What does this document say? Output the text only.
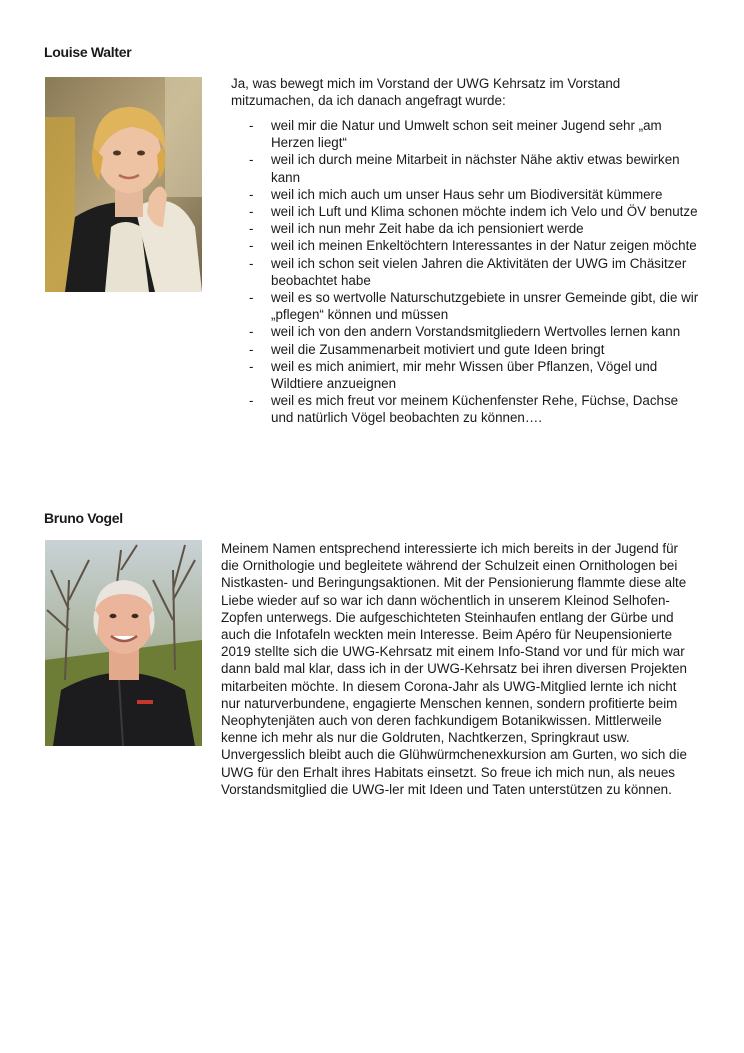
Louise Walter

Ja, was bewegt mich im Vorstand der UWG Kehrsatz im Vorstand mitzumachen, da ich danach angefragt wurde:

- weil mir die Natur und Umwelt schon seit meiner Jugend sehr „am Herzen liegt“
- weil ich durch meine Mitarbeit in nächster Nähe aktiv etwas bewirken kann
- weil ich mich auch um unser Haus sehr um Biodiversität kümmere
- weil ich Luft und Klima schonen möchte indem ich Velo und ÖV benutze
- weil ich nun mehr Zeit habe da ich pensioniert werde
- weil ich meinen Enkeltöchtern Interessantes in der Natur zeigen möchte
- weil ich schon seit vielen Jahren die Aktivitäten der UWG im Chäsitzer beobachtet habe
- weil es so wertvolle Naturschutzgebiete in unsrer Gemeinde gibt, die wir „pflegen“ können und müssen
- weil ich von den andern Vorstandsmitgliedern Wertvolles lernen kann
- weil die Zusammenarbeit motiviert und gute Ideen bringt
- weil es mich animiert, mir mehr Wissen über Pflanzen, Vögel und Wildtiere anzueignen
- weil es mich freut vor meinem Küchenfenster Rehe, Füchse, Dachse und natürlich Vögel beobachten zu können….
Bruno Vogel

Meinem Namen entsprechend interessierte ich mich bereits in der Jugend für die Ornithologie und begleitete während der Schulzeit einen Ornithologen bei Nistkasten- und Beringungsaktionen. Mit der Pensionierung flammte diese alte Liebe wieder auf so war ich dann wöchentlich in unserem Kleinod Selhofen-Zopfen unterwegs. Die aufgeschichteten Steinhaufen entlang der Gürbe und auch die Infotafeln weckten mein Interesse. Beim Apéro für Neupensionierte 2019 stellte sich die UWG-Kehrsatz mit einem Info-Stand vor und für mich war dann bald mal klar, dass ich in der UWG-Kehrsatz bei ihren diversen Projekten mitarbeiten möchte. In diesem Corona-Jahr als UWG-Mitglied lernte ich nicht nur naturverbundene, engagierte Menschen kennen, sondern profitierte beim Neophytenjäten auch von deren fachkundigem Botanikwissen. Mittlerweile kenne ich mehr als nur die Goldruten, Nachtkerzen, Springkraut usw. Unvergesslich bleibt auch die Glühwürmchenexkursion am Gurten, wo sich die UWG für den Erhalt ihres Habitats einsetzt. So freue ich mich nun, als neues Vorstandsmitglied die UWG-ler mit Ideen und Taten unterstützen zu können.
